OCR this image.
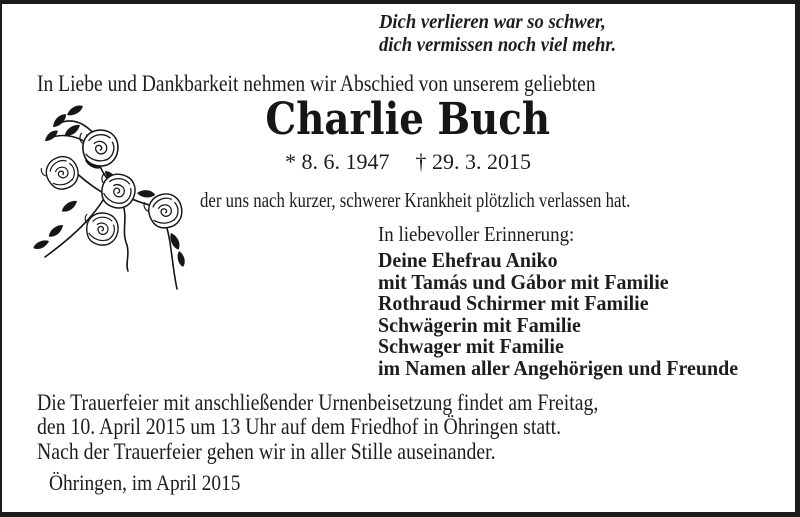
Dich verlieren war so schwer,
dich vermissen noch viel mehr.
In Liebe und Dankbarkeit nehmen wir Abschied von unserem geliebten
Charlie Buch
* 8. 6. 1947 † 29. 3. 2015
der uns nach kurzer, schwerer Krankheit plötzlich verlassen hat.
In liebevoller Erinnerung:
Deine Ehefrau Aniko
mit Tamás und Gábor mit Familie
Rothraud Schirmer mit Familie
Schwägerin mit Familie
Schwager mit Familie
im Namen aller Angehörigen und Freunde
Die Trauerfeier mit anschließender Urnenbeisetzung findet am Freitag,
den 10. April 2015 um 13 Uhr auf dem Friedhof in Öhringen statt.
Nach der Trauerfeier gehen wir in aller Stille auseinander.
Öhringen, im April 2015
